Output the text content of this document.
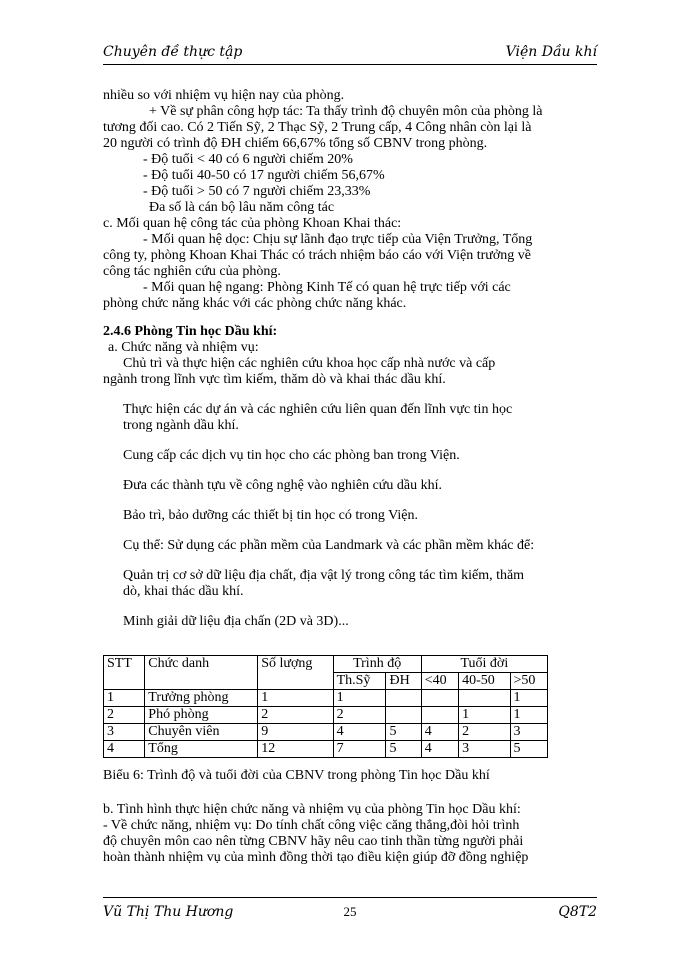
Chuyên đề thực tập	Viện Dầu khí
nhiều so với nhiệm vụ hiện nay của phòng.
+ Về sự phân công hợp tác: Ta thấy trình độ chuyên môn của phòng là
tương đối cao. Có 2 Tiến Sỹ, 2 Thạc Sỹ, 2 Trung cấp, 4 Công nhân còn lại là
20 người có trình độ ĐH chiếm 66,67% tổng số CBNV trong phòng.
- Độ tuổi < 40 có 6 người chiếm 20%
- Độ tuổi 40-50 có 17 người chiếm 56,67%
- Độ tuổi > 50 có 7 người chiếm 23,33%
Đa số là cán bộ lâu năm công tác
c. Mối quan hệ công tác của phòng Khoan Khai thác:
- Mối quan hệ dọc: Chịu sự lãnh đạo trực tiếp của Viện Trưởng, Tổng
công ty, phòng Khoan Khai Thác có trách nhiệm báo cáo với Viện trưởng về
công tác nghiên cứu của phòng.
- Mối quan hệ ngang: Phòng Kinh Tế có quan hệ trực tiếp với các
phòng chức năng khác với các phòng chức năng khác.
2.4.6 Phòng Tin học Dầu khí:
a. Chức năng và nhiệm vụ:
Chủ trì và thực hiện các nghiên cứu khoa học cấp nhà nước và cấp
ngành trong lĩnh vực tìm kiếm, thăm dò và khai thác dầu khí.
Thực hiện các dự án và các nghiên cứu liên quan đến lĩnh vực tin học
trong ngành dầu khí.
Cung cấp các dịch vụ tin học cho các phòng ban trong Viện.
Đưa các thành tựu về công nghệ vào nghiên cứu dầu khí.
Bảo trì, bảo dưỡng các thiết bị tin học có trong Viện.
Cụ thể: Sử dụng các phần mềm của Landmark và các phần mềm khác để:
Quản trị cơ sở dữ liệu địa chất, địa vật lý trong công tác tìm kiếm, thăm
dò, khai thác dầu khí.
Minh giải dữ liệu địa chấn (2D và 3D)...
STT	Chức danh	Số lượng	Trình độ		Tuổi đời		
			Th.Sỹ	ĐH	<40	40-50	>50
1	Trưởng phòng	1	1				1
2	Phó phòng	2	2			1	1
3	Chuyên viên	9	4	5	4	2	3
4	Tổng	12	7	5	4	3	5
Biểu 6: Trình độ và tuổi đời của CBNV trong phòng Tin học Dầu khí
b. Tình hình thực hiện chức năng và nhiệm vụ của phòng Tin học Dầu khí:
- Về chức năng, nhiệm vụ: Do tính chất công việc căng thẳng,đòi hỏi trình
độ chuyên môn cao nên từng CBNV hãy nêu cao tinh thần từng người phải
hoàn thành nhiệm vụ của mình đồng thời tạo điều kiện giúp đỡ đồng nghiệp
Vũ Thị Thu Hương	25	Q8T2
